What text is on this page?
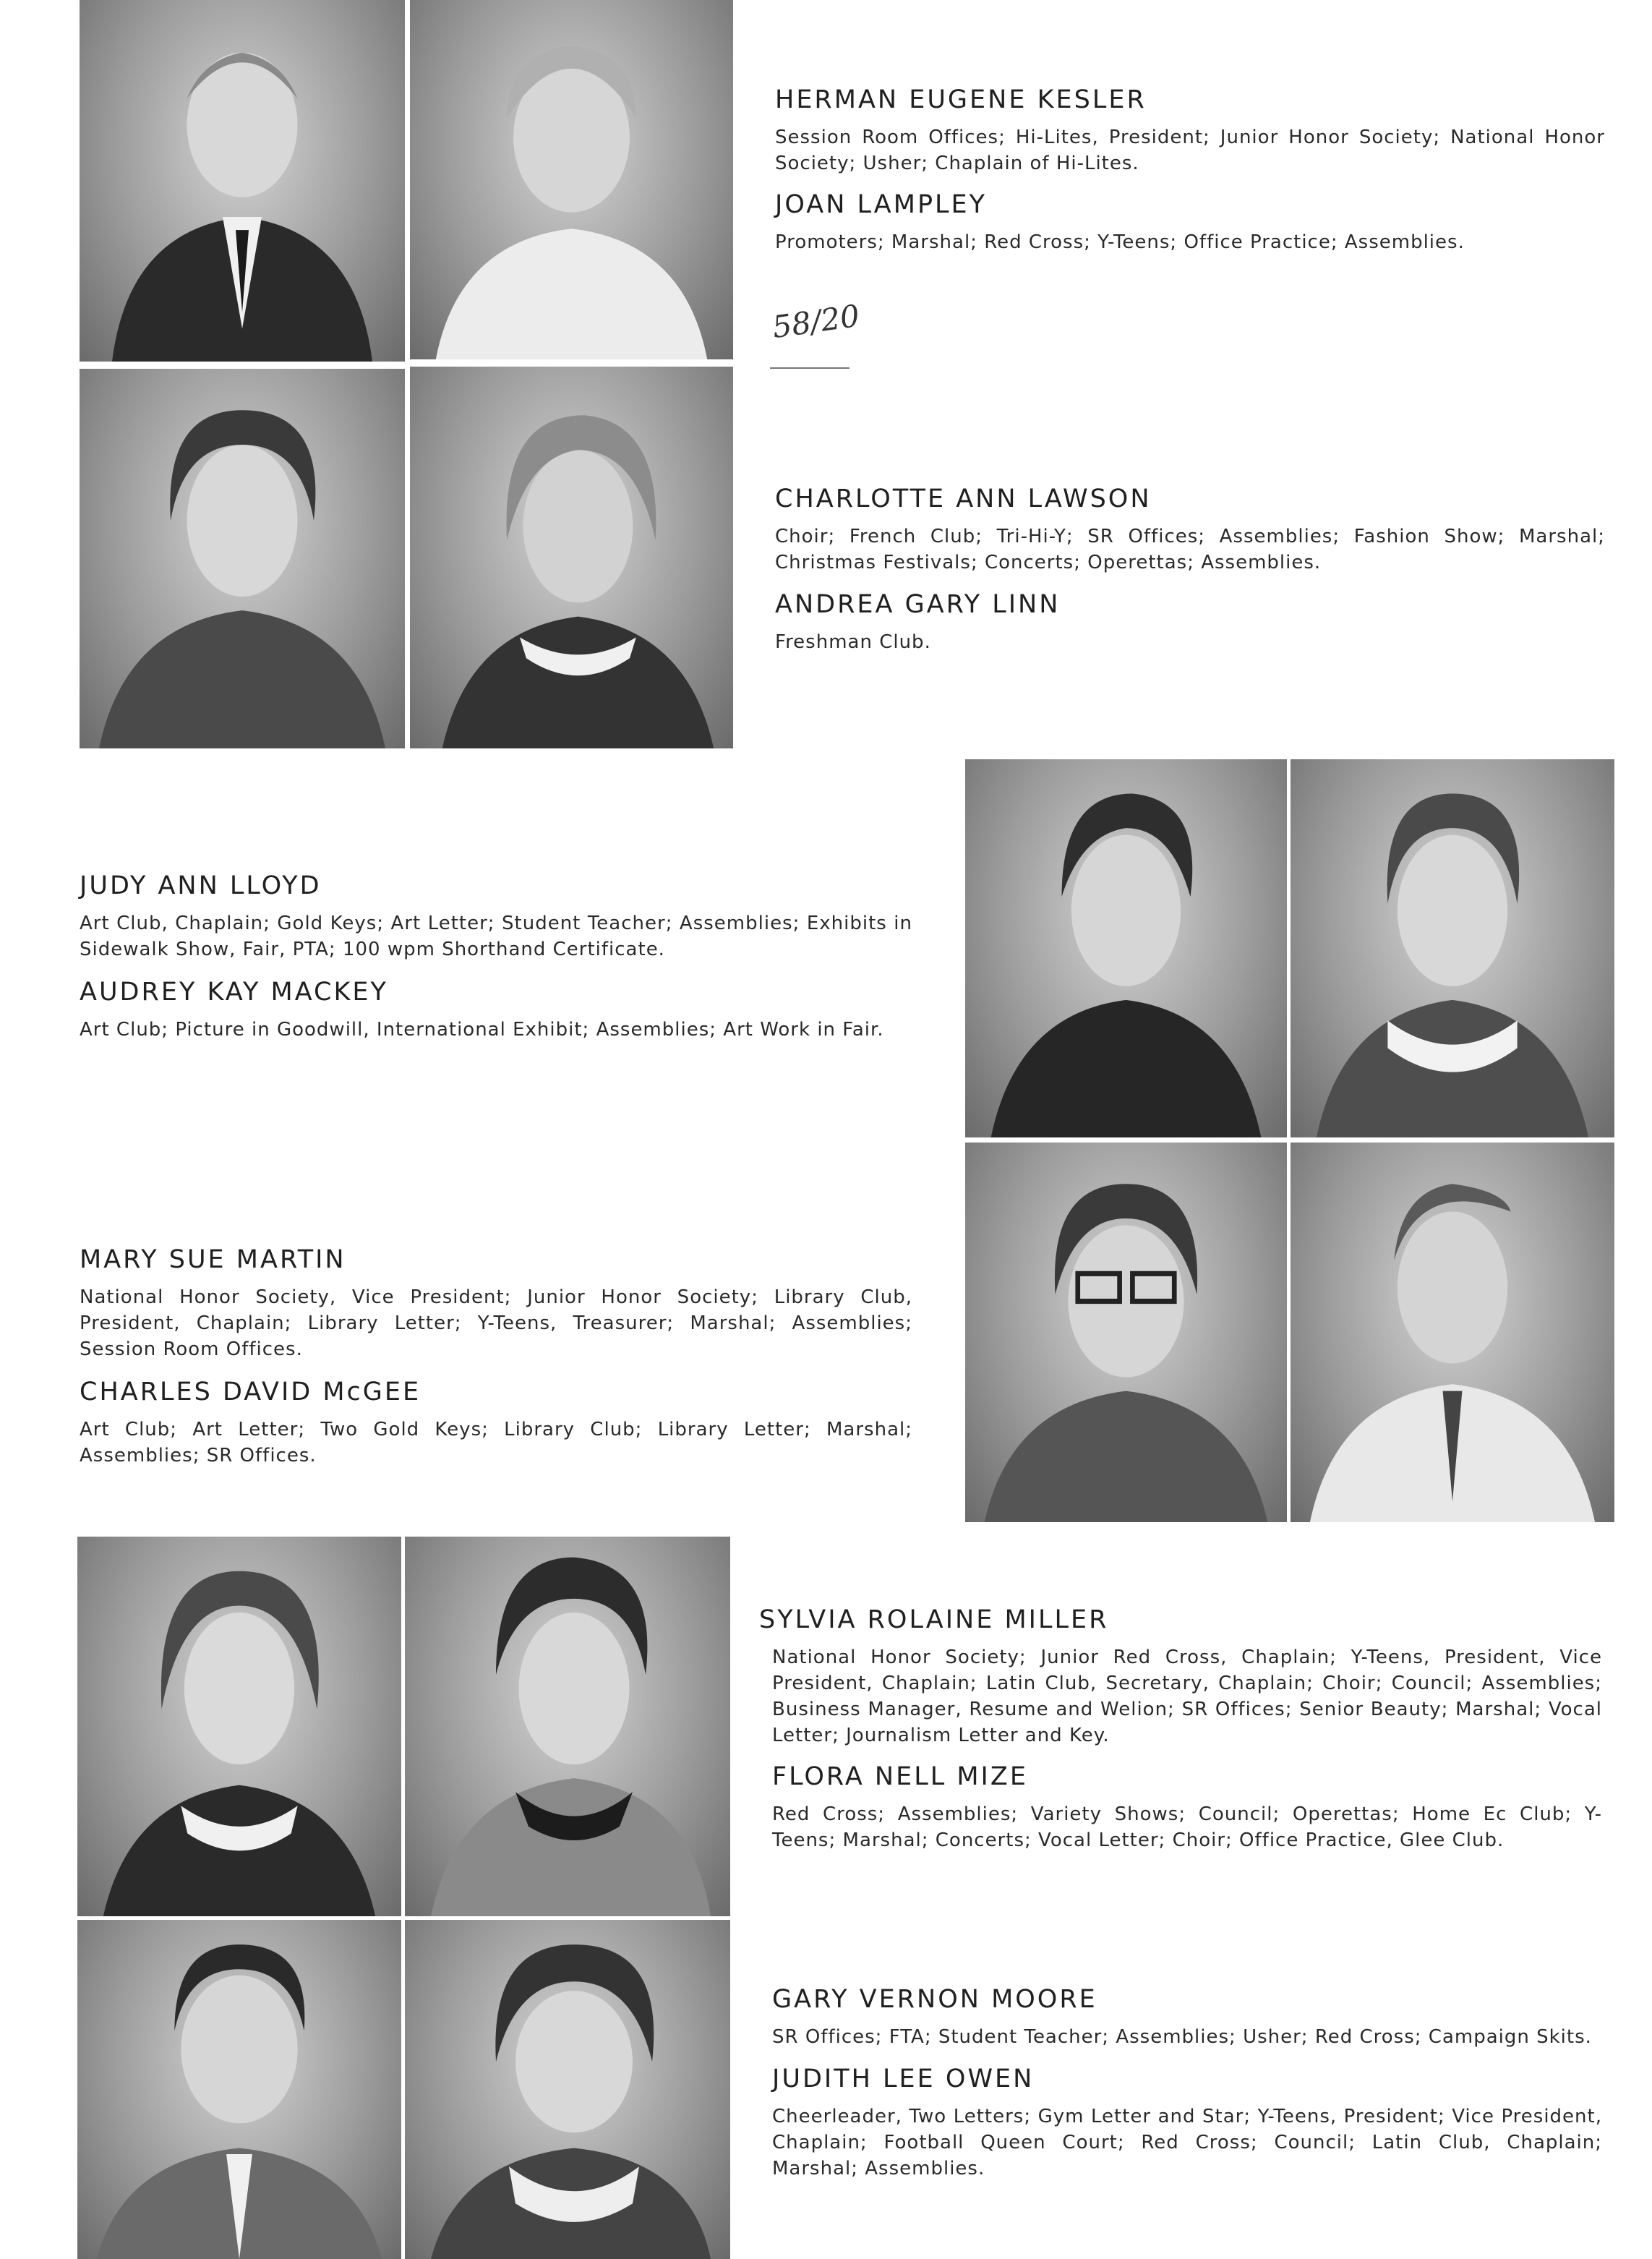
58/20
HERMAN EUGENE KESLER

Session Room Offices; Hi-Lites, President; Junior Honor Society; National Honor Society; Usher; Chaplain of Hi-Lites.

JOAN LAMPLEY

Promoters; Marshal; Red Cross; Y-Teens; Office Practice; Assemblies.

CHARLOTTE ANN LAWSON

Choir; French Club; Tri-Hi-Y; SR Offices; Assemblies; Fashion Show; Marshal; Christmas Festivals; Concerts; Operettas; Assemblies.

ANDREA GARY LINN

Freshman Club.

JUDY ANN LLOYD

Art Club, Chaplain; Gold Keys; Art Letter; Student Teacher; Assemblies; Exhibits in Sidewalk Show, Fair, PTA; 100 wpm Shorthand Certificate.

AUDREY KAY MACKEY

Art Club; Picture in Goodwill, International Exhibit; Assemblies; Art Work in Fair.

MARY SUE MARTIN

National Honor Society, Vice President; Junior Honor Society; Library Club, President, Chaplain; Library Letter; Y-Teens, Treasurer; Marshal; Assemblies; Session Room Offices.

CHARLES DAVID McGEE

Art Club; Art Letter; Two Gold Keys; Library Club; Library Letter; Marshal; Assemblies; SR Offices.

SYLVIA ROLAINE MILLER

National Honor Society; Junior Red Cross, Chaplain; Y-Teens, President, Vice President, Chaplain; Latin Club, Secretary, Chaplain; Choir; Council; Assemblies; Business Manager, Resume and Welion; SR Offices; Senior Beauty; Marshal; Vocal Letter; Journalism Letter and Key.

FLORA NELL MIZE

Red Cross; Assemblies; Variety Shows; Council; Operettas; Home Ec Club; Y-Teens; Marshal; Concerts; Vocal Letter; Choir; Office Practice, Glee Club.

GARY VERNON MOORE

SR Offices; FTA; Student Teacher; Assemblies; Usher; Red Cross; Campaign Skits.

JUDITH LEE OWEN

Cheerleader, Two Letters; Gym Letter and Star; Y-Teens, President; Vice President, Chaplain; Football Queen Court; Red Cross; Council; Latin Club, Chaplain; Marshal; Assemblies.
